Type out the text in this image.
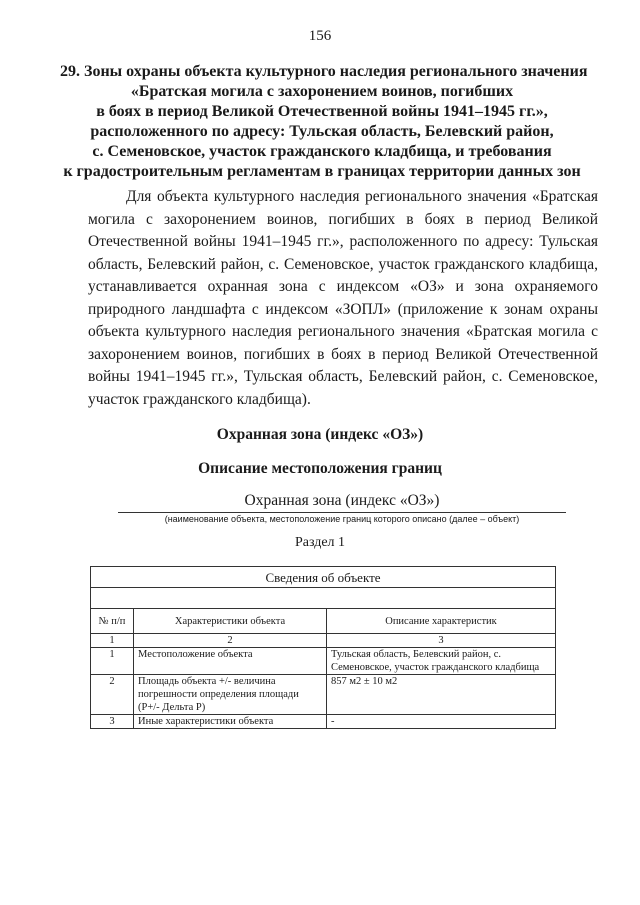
156
29. Зоны охраны объекта культурного наследия регионального значения
«Братская могила с захоронением воинов, погибших
в боях в период Великой Отечественной войны 1941–1945 гг.»,
расположенного по адресу: Тульская область, Белевский район,
с. Семеновское, участок гражданского кладбища, и требования
к градостроительным регламентам в границах территории данных зон

Для объекта культурного наследия регионального значения «Братская
могила с захоронением воинов, погибших в боях в период Великой
Отечественной войны 1941–1945 гг.», расположенного по адресу: Тульская
область, Белевский район, с. Семеновское, участок гражданского кладбища,
устанавливается охранная зона с индексом «ОЗ» и зона охраняемого
природного ландшафта с индексом «ЗОПЛ» (приложение к зонам охраны
объекта культурного наследия регионального значения «Братская могила с
захоронением воинов, погибших в боях в период Великой Отечественной
войны 1941–1945 гг.», Тульская область, Белевский район, с. Семеновское,
участок гражданского кладбища).

Охранная зона (индекс «ОЗ»)
Описание местоположения границ
Охранная зона (индекс «ОЗ»)
(наименование объекта, местоположение границ которого описано (далее – объект)
Раздел 1
Сведения об объекте		

№ п/п	Характеристики объекта	Описание характеристик
1	2	3
1	Местоположение объекта	Тульская область, Белевский район, с. Семеновское, участок гражданского кладбища
2	Площадь объекта +/- величина погрешности определения площади (Р+/- Дельта Р)	857 м2 ± 10 м2
3	Иные характеристики объекта	-
